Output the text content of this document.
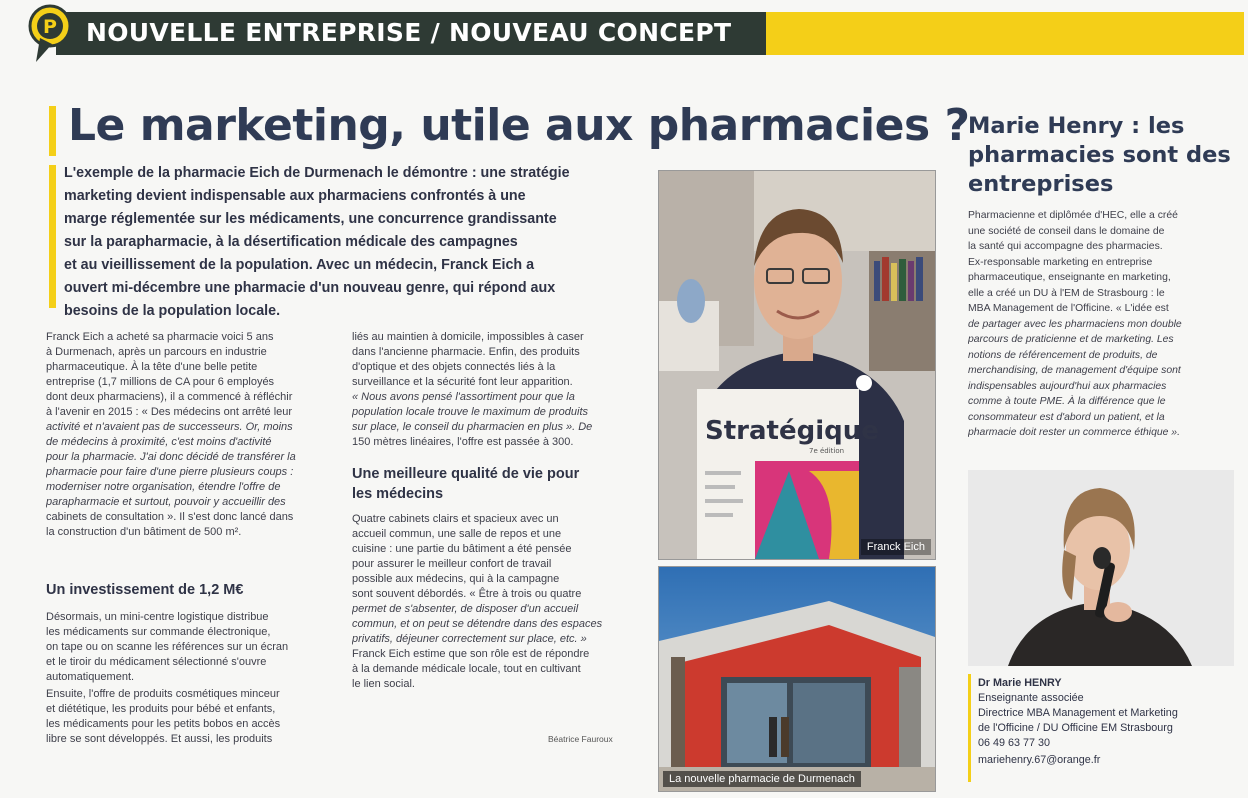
NOUVELLE ENTREPRISE / NOUVEAU CONCEPT
P
Le marketing, utile aux pharmacies ?
L'exemple de la pharmacie Eich de Durmenach le démontre : une stratégie
marketing devient indispensable aux pharmaciens confrontés à une
marge réglementée sur les médicaments, une concurrence grandissante
sur la parapharmacie, à la désertification médicale des campagnes
et au vieillissement de la population. Avec un médecin, Franck Eich a
ouvert mi-décembre une pharmacie d'un nouveau genre, qui répond aux
besoins de la population locale.
Franck Eich a acheté sa pharmacie voici 5 ans
à Durmenach, après un parcours en industrie
pharmaceutique. À la tête d'une belle petite
entreprise (1,7 millions de CA pour 6 employés
dont deux pharmaciens), il a commencé à réfléchir
à l'avenir en 2015 : « Des médecins ont arrêté leur
activité et n'avaient pas de successeurs. Or, moins
de médecins à proximité, c'est moins d'activité
pour la pharmacie. J'ai donc décidé de transférer la
pharmacie pour faire d'une pierre plusieurs coups :
moderniser notre organisation, étendre l'offre de
parapharmacie et surtout, pouvoir y accueillir des
cabinets de consultation ». Il s'est donc lancé dans
la construction d'un bâtiment de 500 m².
Un investissement de 1,2 M€
Désormais, un mini-centre logistique distribue
les médicaments sur commande électronique,
on tape ou on scanne les références sur un écran
et le tiroir du médicament sélectionné s'ouvre
automatiquement.
Ensuite, l'offre de produits cosmétiques minceur
et diététique, les produits pour bébé et enfants,
les médicaments pour les petits bobos en accès
libre se sont développés. Et aussi, les produits
liés au maintien à domicile, impossibles à caser
dans l'ancienne pharmacie. Enfin, des produits
d'optique et des objets connectés liés à la
surveillance et la sécurité font leur apparition.
« Nous avons pensé l'assortiment pour que la
population locale trouve le maximum de produits
sur place, le conseil du pharmacien en plus ». De
150 mètres linéaires, l'offre est passée à 300.
Une meilleure qualité de vie pour
les médecins
Quatre cabinets clairs et spacieux avec un
accueil commun, une salle de repos et une
cuisine : une partie du bâtiment a été pensée
pour assurer le meilleur confort de travail
possible aux médecins, qui à la campagne
sont souvent débordés. « Être à trois ou quatre
permet de s'absenter, de disposer d'un accueil
commun, et on peut se détendre dans des espaces
privatifs, déjeuner correctement sur place, etc. »
Franck Eich estime que son rôle est de répondre
à la demande médicale locale, tout en cultivant
le lien social.
Béatrice Fauroux
Stratégique
7e édition
Franck Eich
La nouvelle pharmacie de Durmenach
Marie Henry : les pharmacies sont des entreprises
Pharmacienne et diplômée d'HEC, elle a créé
une société de conseil dans le domaine de
la santé qui accompagne des pharmacies.
Ex-responsable marketing en entreprise
pharmaceutique, enseignante en marketing,
elle a créé un DU à l'EM de Strasbourg : le
MBA Management de l'Officine. « L'idée est
de partager avec les pharmaciens mon double
parcours de praticienne et de marketing. Les
notions de référencement de produits, de
merchandising, de management d'équipe sont
indispensables aujourd'hui aux pharmacies
comme à toute PME. À la différence que le
consommateur est d'abord un patient, et la
pharmacie doit rester un commerce éthique ».
Dr Marie HENRY
Enseignante associée
Directrice MBA Management et Marketing
de l'Officine / DU Officine EM Strasbourg
06 49 63 77 30
mariehenry.67@orange.fr
